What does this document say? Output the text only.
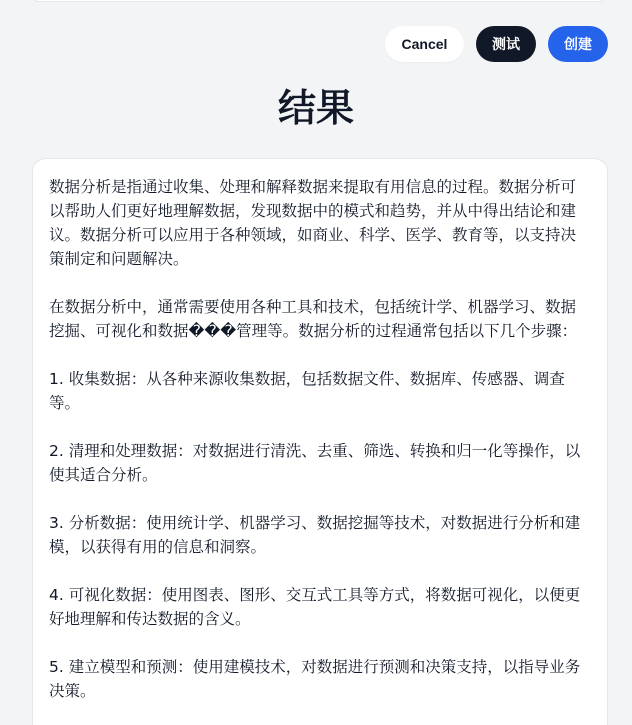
Cancel	测试	创建
结果

数据分析是指通过收集、处理和解释数据来提取有用信息的过程。数据分析可以帮助人们更好地理解数据，发现数据中的模式和趋势，并从中得出结论和建议。数据分析可以应用于各种领域，如商业、科学、医学、教育等，以支持决策制定和问题解决。

在数据分析中，通常需要使用各种工具和技术，包括统计学、机器学习、数据挖掘、可视化和数据���管理等。数据分析的过程通常包括以下几个步骤：

1. 收集数据：从各种来源收集数据，包括数据文件、数据库、传感器、调查等。

2. 清理和处理数据：对数据进行清洗、去重、筛选、转换和归一化等操作，以使其适合分析。

3. 分析数据：使用统计学、机器学习、数据挖掘等技术，对数据进行分析和建模，以获得有用的信息和洞察。

4. 可视化数据：使用图表、图形、交互式工具等方式，将数据可视化，以便更好地理解和传达数据的含义。

5. 建立模型和预测：使用建模技术，对数据进行预测和决策支持，以指导业务决策。
